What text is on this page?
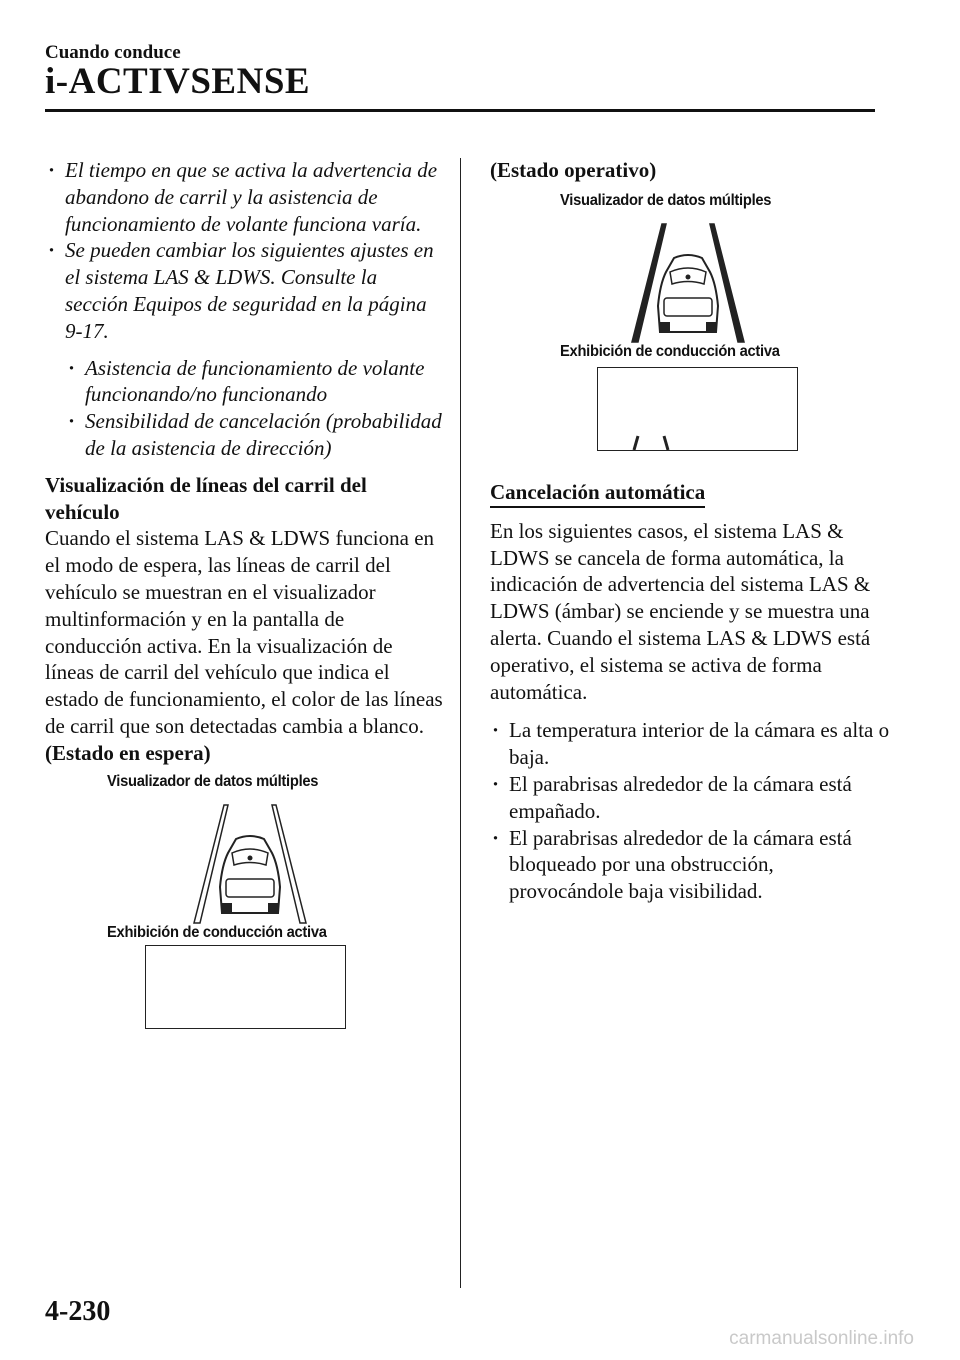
Cuando conduce
i-ACTIVSENSE
· El tiempo en que se activa la advertencia de abandono de carril y la asistencia de funcionamiento de volante funciona varía.
· Se pueden cambiar los siguientes ajustes en el sistema LAS & LDWS. Consulte la sección Equipos de seguridad en la página 9-17.
· Asistencia de funcionamiento de volante funcionando/no funcionando
· Sensibilidad de cancelación (probabilidad de la asistencia de dirección)

Visualización de líneas del carril del vehículo

Cuando el sistema LAS & LDWS funciona en el modo de espera, las líneas de carril del vehículo se muestran en el visualizador multinformación y en la pantalla de conducción activa. En la visualización de líneas de carril del vehículo que indica el estado de funcionamiento, el color de las líneas de carril que son detectadas cambia a blanco.

(Estado en espera)

Visualizador de datos múltiples
Exhibición de conducción activa

(Estado operativo)

Visualizador de datos múltiples
Exhibición de conducción activa
Cancelación automática

En los siguientes casos, el sistema LAS & LDWS se cancela de forma automática, la indicación de advertencia del sistema LAS & LDWS (ámbar) se enciende y se muestra una alerta. Cuando el sistema LAS & LDWS está operativo, el sistema se activa de forma automática.

· La temperatura interior de la cámara es alta o baja.
· El parabrisas alrededor de la cámara está empañado.
· El parabrisas alrededor de la cámara está bloqueado por una obstrucción, provocándole baja visibilidad.
4-230
carmanualsonline.info
